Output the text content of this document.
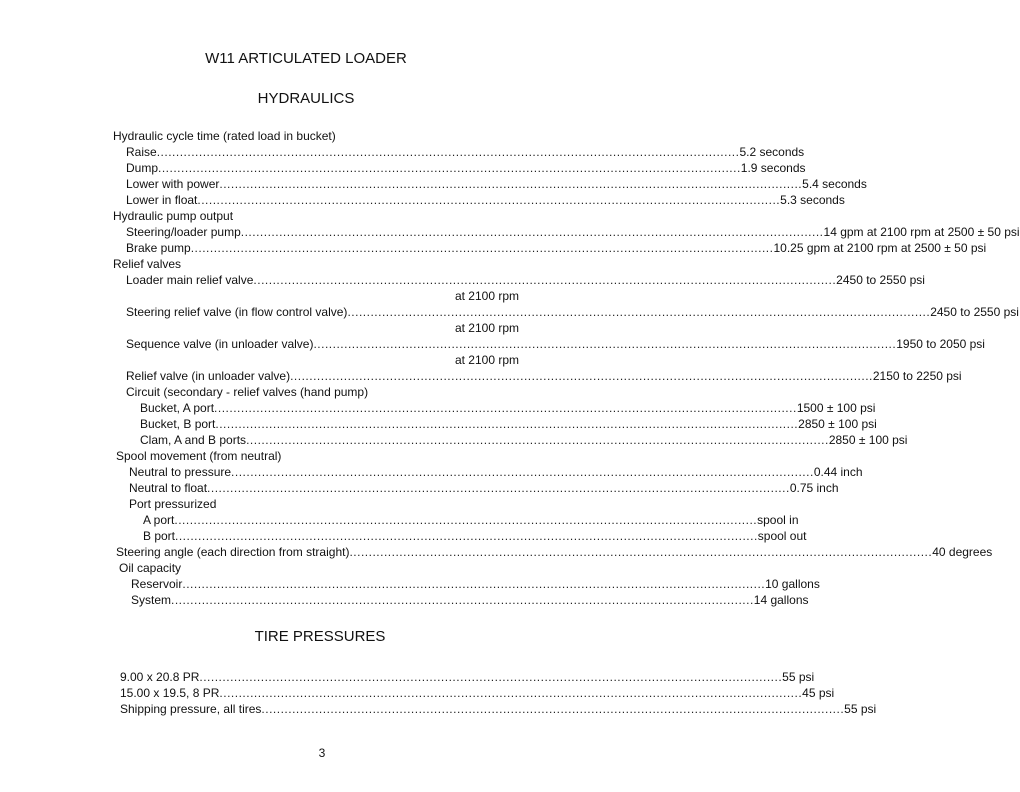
W11 ARTICULATED LOADER
HYDRAULICS
Hydraulic cycle time (rated load in bucket)
Raise ........................................................................................................................................................ 5.2 seconds
Dump ........................................................................................................................................................ 1.9 seconds
Lower with power ........................................................................................................................................................ 5.4 seconds
Lower in float ........................................................................................................................................................ 5.3 seconds
Hydraulic pump output
Steering/loader pump ........................................................................................................................................................ 14 gpm at 2100 rpm at 2500 ± 50 psi
Brake pump ........................................................................................................................................................ 10.25 gpm at 2100 rpm at 2500 ± 50 psi
Relief valves
Loader main relief valve ........................................................................................................................................................ 2450 to 2550 psi
at 2100 rpm
Steering relief valve (in flow control valve) ........................................................................................................................................................ 2450 to 2550 psi
at 2100 rpm
Sequence valve (in unloader valve) ........................................................................................................................................................ 1950 to 2050 psi
at 2100 rpm
Relief valve (in unloader valve) ........................................................................................................................................................ 2150 to 2250 psi
Circuit (secondary - relief valves (hand pump)
Bucket, A port ........................................................................................................................................................ 1500 ± 100 psi
Bucket, B port ........................................................................................................................................................ 2850 ± 100 psi
Clam, A and B ports ........................................................................................................................................................ 2850 ± 100 psi
Spool movement (from neutral)
Neutral to pressure ........................................................................................................................................................ 0.44 inch
Neutral to float ........................................................................................................................................................ 0.75 inch
Port pressurized
A port ........................................................................................................................................................ spool in
B port ........................................................................................................................................................ spool out
Steering angle (each direction from straight) ........................................................................................................................................................ 40 degrees
Oil capacity
Reservoir ........................................................................................................................................................ 10 gallons
System ........................................................................................................................................................ 14 gallons
TIRE PRESSURES
9.00 x 20.8 PR ........................................................................................................................................................ 55 psi
15.00 x 19.5, 8 PR ........................................................................................................................................................ 45 psi
Shipping pressure, all tires ........................................................................................................................................................ 55 psi
3
